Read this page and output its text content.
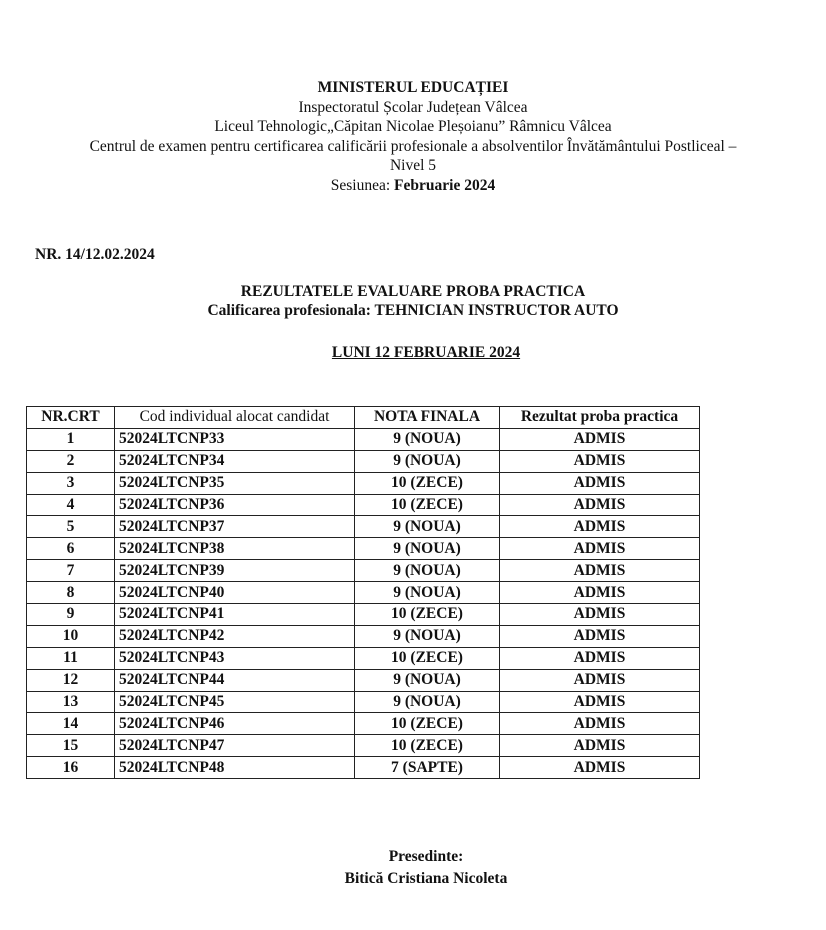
MINISTERUL EDUCAȚIEI
Inspectoratul Școlar Județean Vâlcea
Liceul Tehnologic„Căpitan Nicolae Pleșoianu” Râmnicu Vâlcea
Centrul de examen pentru certificarea calificării profesionale a absolventilor Învătământului Postliceal –
Nivel 5
Sesiunea: Februarie 2024
NR. 14/12.02.2024
REZULTATELE EVALUARE PROBA PRACTICA
Calificarea profesionala: TEHNICIAN INSTRUCTOR AUTO
LUNI 12 FEBRUARIE 2024
NR.CRT	Cod individual alocat candidat	NOTA FINALA	Rezultat proba practica
1	52024LTCNP33	9 (NOUA)	ADMIS
2	52024LTCNP34	9 (NOUA)	ADMIS
3	52024LTCNP35	10 (ZECE)	ADMIS
4	52024LTCNP36	10 (ZECE)	ADMIS
5	52024LTCNP37	9 (NOUA)	ADMIS
6	52024LTCNP38	9 (NOUA)	ADMIS
7	52024LTCNP39	9 (NOUA)	ADMIS
8	52024LTCNP40	9 (NOUA)	ADMIS
9	52024LTCNP41	10 (ZECE)	ADMIS
10	52024LTCNP42	9 (NOUA)	ADMIS
11	52024LTCNP43	10 (ZECE)	ADMIS
12	52024LTCNP44	9 (NOUA)	ADMIS
13	52024LTCNP45	9 (NOUA)	ADMIS
14	52024LTCNP46	10 (ZECE)	ADMIS
15	52024LTCNP47	10 (ZECE)	ADMIS
16	52024LTCNP48	7 (SAPTE)	ADMIS
Presedinte:
Bitică Cristiana Nicoleta
